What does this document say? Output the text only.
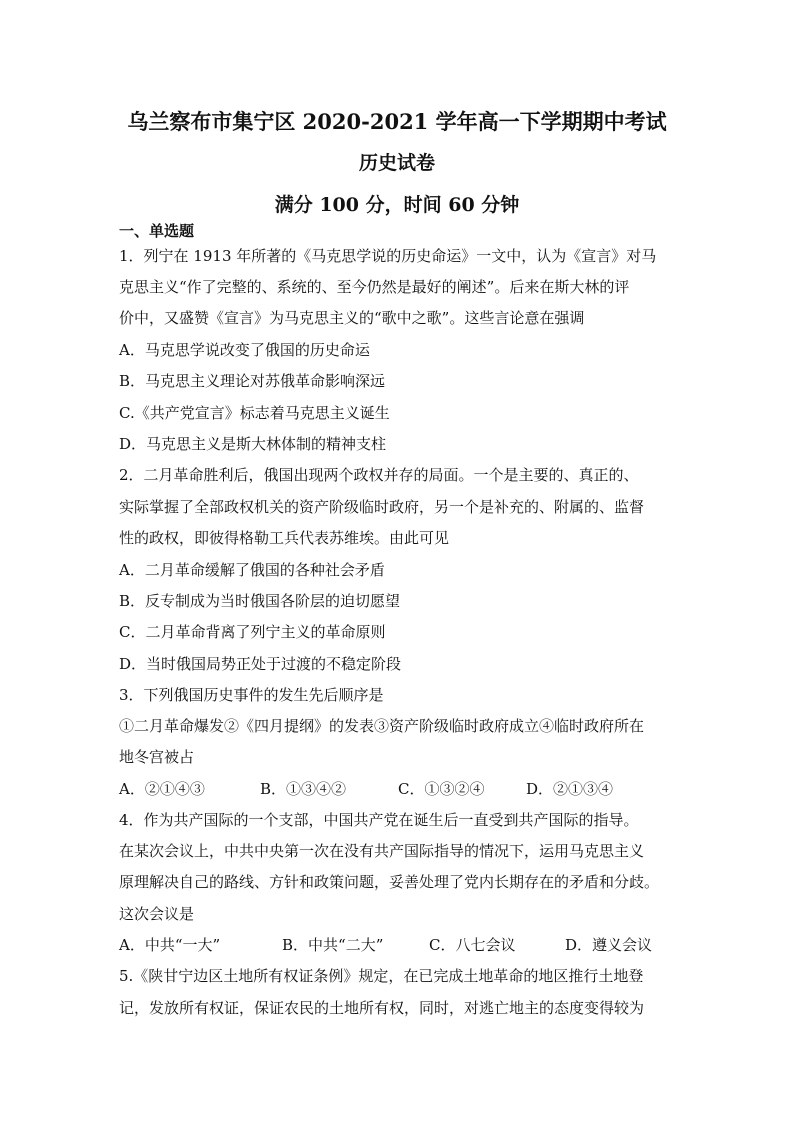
乌兰察布市集宁区 2020-2021 学年高一下学期期中考试
历史试卷
满分 100 分，时间 60 分钟
一、单选题
1．列宁在 1913 年所著的《马克思学说的历史命运》一文中，认为《宣言》对马
克思主义“作了完整的、系统的、至今仍然是最好的阐述”。后来在斯大林的评
价中，又盛赞《宣言》为马克思主义的“歌中之歌”。这些言论意在强调
A．马克思学说改变了俄国的历史命运
B．马克思主义理论对苏俄革命影响深远
C.《共产党宣言》标志着马克思主义诞生
D．马克思主义是斯大林体制的精神支柱
2．二月革命胜利后，俄国出现两个政权并存的局面。一个是主要的、真正的、
实际掌握了全部政权机关的资产阶级临时政府，另一个是补充的、附属的、监督
性的政权，即彼得格勒工兵代表苏维埃。由此可见
A．二月革命缓解了俄国的各种社会矛盾
B．反专制成为当时俄国各阶层的迫切愿望
C．二月革命背离了列宁主义的革命原则
D．当时俄国局势正处于过渡的不稳定阶段
3．下列俄国历史事件的发生先后顺序是
①二月革命爆发②《四月提纲》的发表③资产阶级临时政府成立④临时政府所在
地冬宫被占
A．②①④③	B．①③④②	C．①③②④	D．②①③④
4．作为共产国际的一个支部，中国共产党在诞生后一直受到共产国际的指导。
在某次会议上，中共中央第一次在没有共产国际指导的情况下，运用马克思主义
原理解决自己的路线、方针和政策问题，妥善处理了党内长期存在的矛盾和分歧。
这次会议是
A．中共“一大”	B．中共“二大”	C．八七会议	D．遵义会议
5.《陕甘宁边区土地所有权证条例》规定，在已完成土地革命的地区推行土地登
记，发放所有权证，保证农民的土地所有权，同时，对逃亡地主的态度变得较为
